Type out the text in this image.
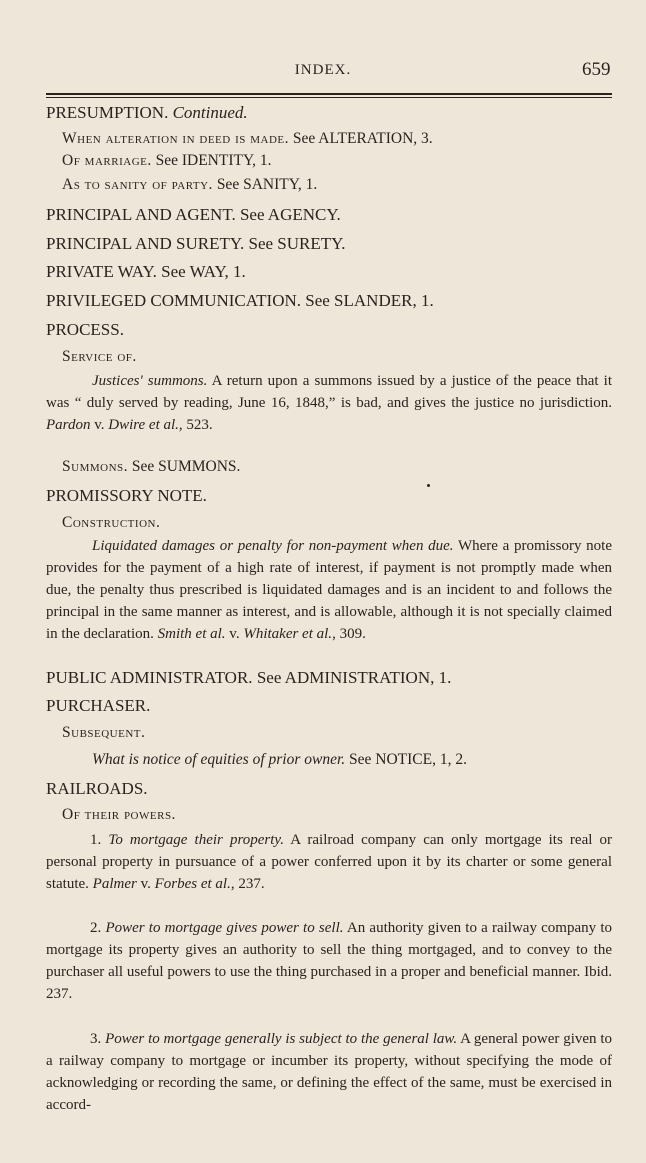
INDEX.	659
PRESUMPTION. Continued.
When alteration in deed is made. See ALTERATION, 3.
Of marriage. See IDENTITY, 1.
As to sanity of party. See SANITY, 1.
PRINCIPAL AND AGENT. See AGENCY.
PRINCIPAL AND SURETY. See SURETY.
PRIVATE WAY. See WAY, 1.
PRIVILEGED COMMUNICATION. See SLANDER, 1.
PROCESS.
Service of.
Justices' summons. A return upon a summons issued by a justice of the peace that it was “ duly served by reading, June 16, 1848,” is bad, and gives the justice no jurisdiction. Pardon v. Dwire et al., 523.
Summons. See SUMMONS.
PROMISSORY NOTE.
Construction.
Liquidated damages or penalty for non-payment when due. Where a promissory note provides for the payment of a high rate of interest, if payment is not promptly made when due, the penalty thus prescribed is liquidated damages and is an incident to and follows the principal in the same manner as interest, and is allowable, although it is not specially claimed in the declaration. Smith et al. v. Whitaker et al., 309.
PUBLIC ADMINISTRATOR. See ADMINISTRATION, 1.
PURCHASER.
Subsequent.
What is notice of equities of prior owner. See NOTICE, 1, 2.
RAILROADS.
Of their powers.
1. To mortgage their property. A railroad company can only mortgage its real or personal property in pursuance of a power conferred upon it by its charter or some general statute. Palmer v. Forbes et al., 237.
2. Power to mortgage gives power to sell. An authority given to a railway company to mortgage its property gives an authority to sell the thing mortgaged, and to convey to the purchaser all useful powers to use the thing purchased in a proper and beneficial manner. Ibid. 237.
3. Power to mortgage generally is subject to the general law. A general power given to a railway company to mortgage or incumber its property, without specifying the mode of acknowledging or recording the same, or defining the effect of the same, must be exercised in accord-
